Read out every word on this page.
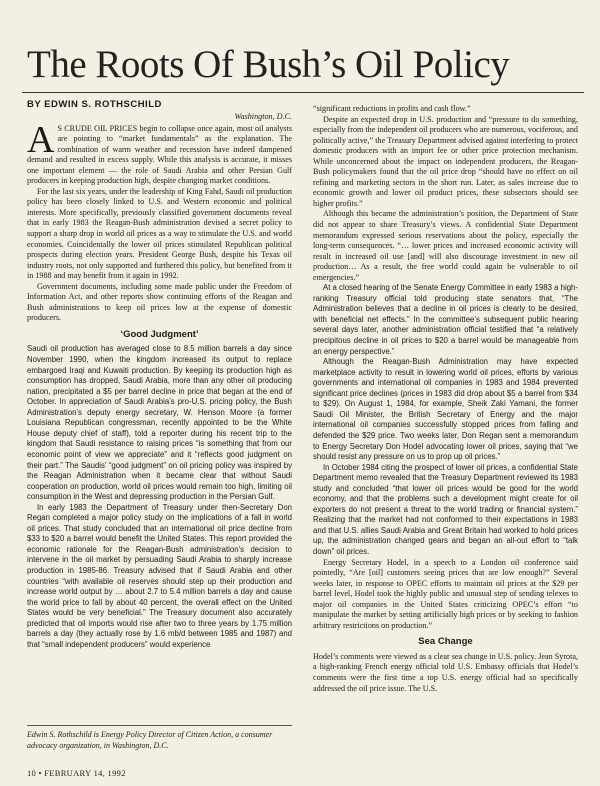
The Roots Of Bush’s Oil Policy
BY EDWIN S. ROTHSCHILD
Washington, D.C.

A S CRUDE OIL PRICES begin to collapse once again, most oil analysts are pointing to “market fundamentals” as the explanation. The combination of warm weather and recession have indeed dampened demand and resulted in excess supply. While this analysis is accurate, it misses one important element — the role of Saudi Arabia and other Persian Gulf producers in keeping production high, despite changing market conditions.

For the last six years, under the leadership of King Fahd, Saudi oil production policy has been closely linked to U.S. and Western economic and political interests. More specifically, previously classified government documents reveal that in early 1983 the Reagan-Bush administration devised a secret policy to support a sharp drop in world oil prices as a way to stimulate the U.S. and world economies. Coincidentally the lower oil prices stimulated Republican political prospects during election years. President George Bush, despite his Texas oil industry roots, not only supported and furthered this policy, but benefited from it in 1988 and may benefit from it again in 1992.

Government documents, including some made public under the Freedom of Information Act, and other reports show continuing efforts of the Reagan and Bush administrations to keep oil prices low at the expense of domestic producers.

‘Good Judgment’

Saudi oil production has averaged close to 8.5 million barrels a day since November 1990, when the kingdom increased its output to replace embargoed Iraqi and Kuwaiti production. By keeping its production high as consumption has dropped, Saudi Arabia, more than any other oil producing nation, precipitated a $5 per barrel decline in price that began at the end of October. In appreciation of Saudi Arabia’s pro-U.S. pricing policy, the Bush Administration’s deputy energy secretary, W. Henson Moore (a former Louisiana Republican congressman, recently appointed to be the White House deputy chief of staff), told a reporter during his recent trip to the kingdom that Saudi resistance to raising prices “is something that from our economic point of view we appreciate” and it “reflects good judgment on their part.” The Saudis’ “good judgment” on oil pricing policy was inspired by the Reagan Administration when it became clear that without Saudi cooperation on production, world oil prices would remain too high, limiting oil consumption in the West and depressing production in the Persian Gulf.

In early 1983 the Department of Treasury under then-Secretary Don Regan completed a major policy study on the implications of a fall in world oil prices. That study concluded that an international oil price decline from $33 to $20 a barrel would benefit the United States. This report provided the economic rationale for the Reagan-Bush administration’s decision to intervene in the oil market by persuading Saudi Arabia to sharply increase production in 1985-86. Treasury advised that if Saudi Arabia and other countries “with available oil reserves should step up their production and increase world output by … about 2.7 to 5.4 million barrels a day and cause the world price to fall by about 40 percent, the overall effect on the United States would be very beneficial.” The Treasury document also accurately predicted that oil imports would rise after two to three years by 1.75 million barrels a day (they actually rose by 1.6 mb/d between 1985 and 1987) and that “small independent producers” would experience

Edwin S. Rothschild is Energy Policy Director of Citizen Action, a consumer advocacy organization, in Washington, D.C.
10 • FEBRUARY 14, 1992

“significant reductions in profits and cash flow.”

Despite an expected drop in U.S. production and “pressure to do something, especially from the independent oil producers who are numerous, vociferous, and politically active,” the Treasury Department advised against interfering to protect domestic producers with an import fee or other price protection mechanism. While unconcerned about the impact on independent producers, the Reagan-Bush policymakers found that the oil price drop “should have no effect on oil refining and marketing sectors in the short run. Later, as sales increase due to economic growth and lower oil product prices, these subsectors should see higher profits.”

Although this became the administration’s position, the Department of State did not appear to share Treasury’s views. A confidential State Department memorandum expressed serious reservations about the policy, especially the long-term consequences. “… lower prices and increased economic activity will result in increased oil use [and] will also discourage investment in new oil production… As a result, the free world could again be vulnerable to oil emergencies.”

At a closed hearing of the Senate Energy Committee in early 1983 a high-ranking Treasury official told producing state senators that, “The Administration believes that a decline in oil prices is clearly to be desired, with beneficial net effects.” In the committee’s subsequent public hearing several days later, another administration official testified that “a relatively precipitous decline in oil prices to $20 a barrel would be manageable from an energy perspective.”

Although the Reagan-Bush Administration may have expected marketplace activity to result in lowering world oil prices, efforts by various governments and international oil companies in 1983 and 1984 prevented significant price declines (prices in 1983 did drop about $5 a barrel from $34 to $29). On August 1, 1984, for example, Sheik Zaki Yamani, the former Saudi Oil Minister, the British Secretary of Energy and the major international oil companies successfully stopped prices from falling and defended the $29 price. Two weeks later, Don Regan sent a memorandum to Energy Secretary Don Hodel advocating lower oil prices, saying that “we should resist any pressure on us to prop up oil prices.”

In October 1984 citing the prospect of lower oil prices, a confidential State Department memo revealed that the Treasury Department reviewed its 1983 study and concluded “that lower oil prices would be good for the world economy, and that the problems such a development might create for oil exporters do not present a threat to the world trading or financial system.” Realizing that the market had not conformed to their expectations in 1983 and that U.S. allies Saudi Arabia and Great Britain had worked to hold prices up, the administration changed gears and began an all-out effort to “talk down” oil prices.

Energy Secretary Hodel, in a speech to a London oil conference said pointedly, “Are [oil] customers seeing prices that are low enough?” Several weeks later, in response to OPEC efforts to maintain oil prices at the $29 per barrel level, Hodel took the highly public and unusual step of sending telexes to major oil companies in the United States criticizing OPEC’s effort “to manipulate the market by setting artificially high prices or by seeking to fashion arbitrary restrictions on production.”

Sea Change

Hodel’s comments were viewed as a clear sea change in U.S. policy. Jean Syrota, a high-ranking French energy official told U.S. Embassy officials that Hodel’s comments were the first time a top U.S. energy official had so specifically addressed the oil price issue. The U.S.
